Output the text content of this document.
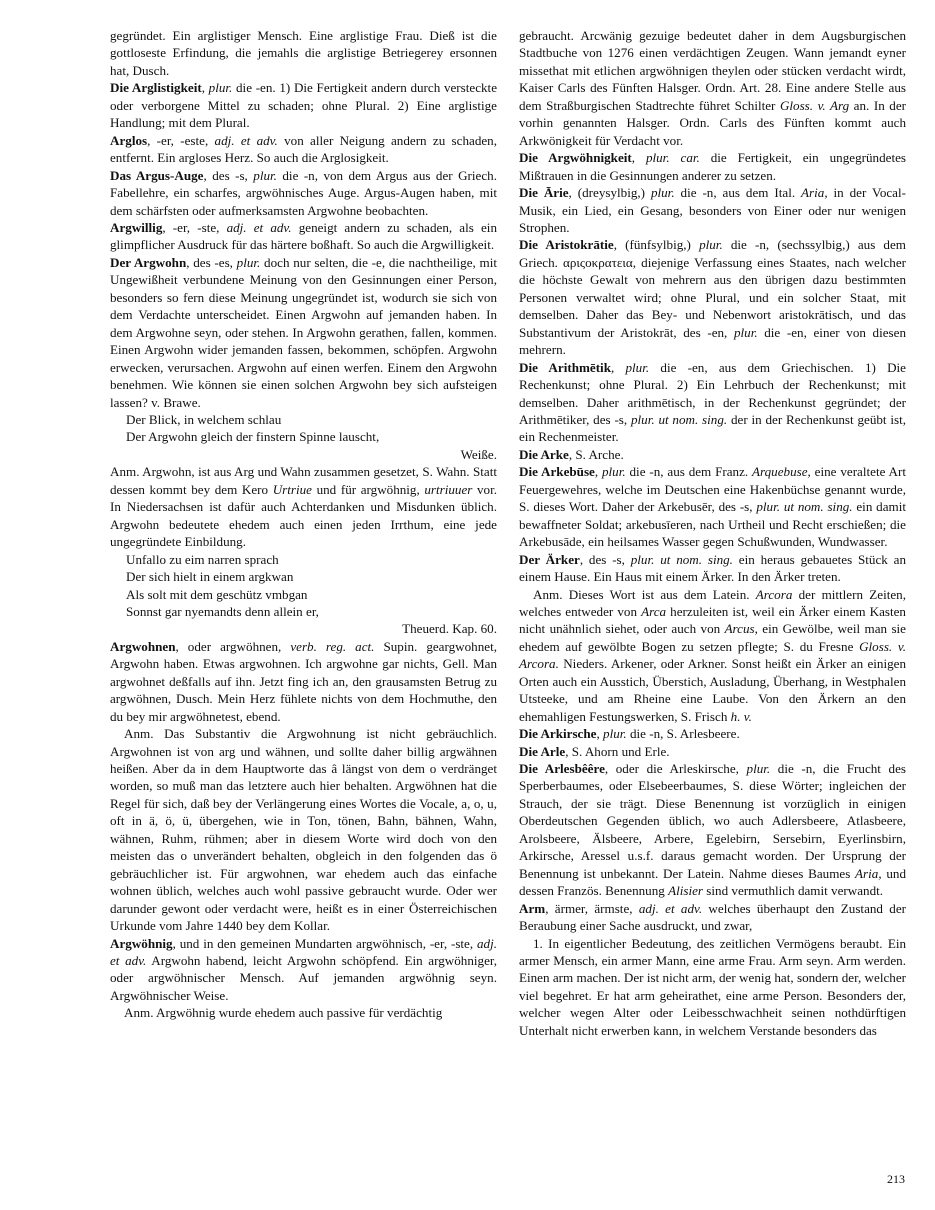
gegründet. Ein arglistiger Mensch. Eine arglistige Frau. Dieß ist die gottloseste Erfindung, die jemahls die arglistige Betriegerey ersonnen hat, Dusch.

Die Arglistigkeit, plur. die -en. 1) Die Fertigkeit andern durch versteckte oder verborgene Mittel zu schaden; ohne Plural. 2) Eine arglistige Handlung; mit dem Plural.

Arglos, -er, -este, adj. et adv. von aller Neigung andern zu schaden, entfernt. Ein argloses Herz. So auch die Arglosigkeit.

Das Argus-Auge, des -s, plur. die -n, von dem Argus aus der Griech. Fabellehre, ein scharfes, argwöhnisches Auge. Argus-Augen haben, mit dem schärfsten oder aufmerksamsten Argwohne beobachten.

Argwillig, -er, -ste, adj. et adv. geneigt andern zu schaden, als ein glimpflicher Ausdruck für das härtere boßhaft. So auch die Argwilligkeit.

Der Argwohn, des -es, plur. doch nur selten, die -e, die nachtheilige, mit Ungewißheit verbundene Meinung von den Gesinnungen einer Person, besonders so fern diese Meinung ungegründet ist, wodurch sie sich von dem Verdachte unterscheidet. Einen Argwohn auf jemanden haben. In dem Argwohne seyn, oder stehen. In Argwohn gerathen, fallen, kommen. Einen Argwohn wider jemanden fassen, bekommen, schöpfen. Argwohn erwecken, verursachen. Argwohn auf einen werfen. Einem den Argwohn benehmen. Wie können sie einen solchen Argwohn bey sich aufsteigen lassen? v. Brawe.

Der Blick, in welchem schlau

Der Argwohn gleich der finstern Spinne lauscht,

Weiße.

Anm. Argwohn, ist aus Arg und Wahn zusammen gesetzet, S. Wahn. Statt dessen kommt bey dem Kero Urtriue und für argwöhnig, urtriuuer vor. In Niedersachsen ist dafür auch Achterdanken und Misdunken üblich. Argwohn bedeutete ehedem auch einen jeden Irrthum, eine jede ungegründete Einbildung.

Unfallo zu eim narren sprach

Der sich hielt in einem argkwan

Als solt mit dem geschütz vmbgan

Sonnst gar nyemandts denn allein er,

Theuerd. Kap. 60.

Argwohnen, oder argwöhnen, verb. reg. act. Supin. geargwohnet, Argwohn haben. Etwas argwohnen. Ich argwohne gar nichts, Gell. Man argwohnet deßfalls auf ihn. Jetzt fing ich an, den grausamsten Betrug zu argwöhnen, Dusch. Mein Herz fühlete nichts von dem Hochmuthe, den du bey mir argwöhnetest, ebend.

Anm. Das Substantiv die Argwohnung ist nicht gebräuchlich. Argwohnen ist von arg und wähnen, und sollte daher billig argwähnen heißen. Aber da in dem Hauptworte das â längst von dem o verdränget worden, so muß man das letztere auch hier behalten. Argwöhnen hat die Regel für sich, daß bey der Verlängerung eines Wortes die Vocale, a, o, u, oft in ä, ö, ü, übergehen, wie in Ton, tönen, Bahn, bähnen, Wahn, wähnen, Ruhm, rühmen; aber in diesem Worte wird doch von den meisten das o unverändert behalten, obgleich in den folgenden das ö gebräuchlicher ist. Für argwohnen, war ehedem auch das einfache wohnen üblich, welches auch wohl passive gebraucht wurde. Oder wer darunder gewont oder verdacht were, heißt es in einer Österreichischen Urkunde vom Jahre 1440 bey dem Kollar.

Argwöhnig, und in den gemeinen Mundarten argwöhnisch, -er, -ste, adj. et adv. Argwohn habend, leicht Argwohn schöpfend. Ein argwöhniger, oder argwöhnischer Mensch. Auf jemanden argwöhnig seyn. Argwöhnischer Weise.

Anm. Argwöhnig wurde ehedem auch passive für verdächtig

gebraucht. Arcwänig gezuige bedeutet daher in dem Augsburgischen Stadtbuche von 1276 einen verdächtigen Zeugen. Wann jemandt eyner missethat mit etlichen argwöhnigen theylen oder stücken verdacht wirdt, Kaiser Carls des Fünften Halsger. Ordn. Art. 28. Eine andere Stelle aus dem Straßburgischen Stadtrechte führet Schilter Gloss. v. Arg an. In der vorhin genannten Halsger. Ordn. Carls des Fünften kommt auch Arkwönigkeit für Verdacht vor.

Die Argwöhnigkeit, plur. car. die Fertigkeit, ein ungegründetes Mißtrauen in die Gesinnungen anderer zu setzen.

Die Ārie, (dreysylbig,) plur. die -n, aus dem Ital. Aria, in der Vocal-Musik, ein Lied, ein Gesang, besonders von Einer oder nur wenigen Strophen.

Die Aristokrātie, (fünfsylbig,) plur. die -n, (sechssylbig,) aus dem Griech. αριςοκρατεια, diejenige Verfassung eines Staates, nach welcher die höchste Gewalt von mehrern aus den übrigen dazu bestimmten Personen verwaltet wird; ohne Plural, und ein solcher Staat, mit demselben. Daher das Bey- und Nebenwort aristokrātisch, und das Substantivum der Aristokrāt, des -en, plur. die -en, einer von diesen mehrern.

Die Arithmētik, plur. die -en, aus dem Griechischen. 1) Die Rechenkunst; ohne Plural. 2) Ein Lehrbuch der Rechenkunst; mit demselben. Daher arithmētisch, in der Rechenkunst gegründet; der Arithmētiker, des -s, plur. ut nom. sing. der in der Rechenkunst geübt ist, ein Rechenmeister.

Die Arke, S. Arche.

Die Arkebūse, plur. die -n, aus dem Franz. Arquebuse, eine veraltete Art Feuergewehres, welche im Deutschen eine Hakenbüchse genannt wurde, S. dieses Wort. Daher der Arkebusēr, des -s, plur. ut nom. sing. ein damit bewaffneter Soldat; arkebusīeren, nach Urtheil und Recht erschießen; die Arkebusāde, ein heilsames Wasser gegen Schußwunden, Wundwasser.

Der Ärker, des -s, plur. ut nom. sing. ein heraus gebauetes Stück an einem Hause. Ein Haus mit einem Ärker. In den Ärker treten.

Anm. Dieses Wort ist aus dem Latein. Arcora der mittlern Zeiten, welches entweder von Arca herzuleiten ist, weil ein Ärker einem Kasten nicht unähnlich siehet, oder auch von Arcus, ein Gewölbe, weil man sie ehedem auf gewölbte Bogen zu setzen pflegte; S. du Fresne Gloss. v. Arcora. Nieders. Arkener, oder Arkner. Sonst heißt ein Ärker an einigen Orten auch ein Ausstich, Überstich, Ausladung, Überhang, in Westphalen Utsteeke, und am Rheine eine Laube. Von den Ärkern an den ehemahligen Festungswerken, S. Frisch h. v.

Die Arkirsche, plur. die -n, S. Arlesbeere.

Die Arle, S. Ahorn und Erle.

Die Arlesbêêre, oder die Arleskirsche, plur. die -n, die Frucht des Sperberbaumes, oder Elsebeerbaumes, S. diese Wörter; ingleichen der Strauch, der sie trägt. Diese Benennung ist vorzüglich in einigen Oberdeutschen Gegenden üblich, wo auch Adlersbeere, Atlasbeere, Arolsbeere, Älsbeere, Arbere, Egelebirn, Sersebirn, Eyerlinsbirn, Arkirsche, Aressel u.s.f. daraus gemacht worden. Der Ursprung der Benennung ist unbekannt. Der Latein. Nahme dieses Baumes Aria, und dessen Französ. Benennung Alisier sind vermuthlich damit verwandt.

Arm, ärmer, ärmste, adj. et adv. welches überhaupt den Zustand der Beraubung einer Sache ausdruckt, und zwar,

1. In eigentlicher Bedeutung, des zeitlichen Vermögens beraubt. Ein armer Mensch, ein armer Mann, eine arme Frau. Arm seyn. Arm werden. Einen arm machen. Der ist nicht arm, der wenig hat, sondern der, welcher viel begehret. Er hat arm geheirathet, eine arme Person. Besonders der, welcher wegen Alter oder Leibesschwachheit seinen nothdürftigen Unterhalt nicht erwerben kann, in welchem Verstande besonders das

213
